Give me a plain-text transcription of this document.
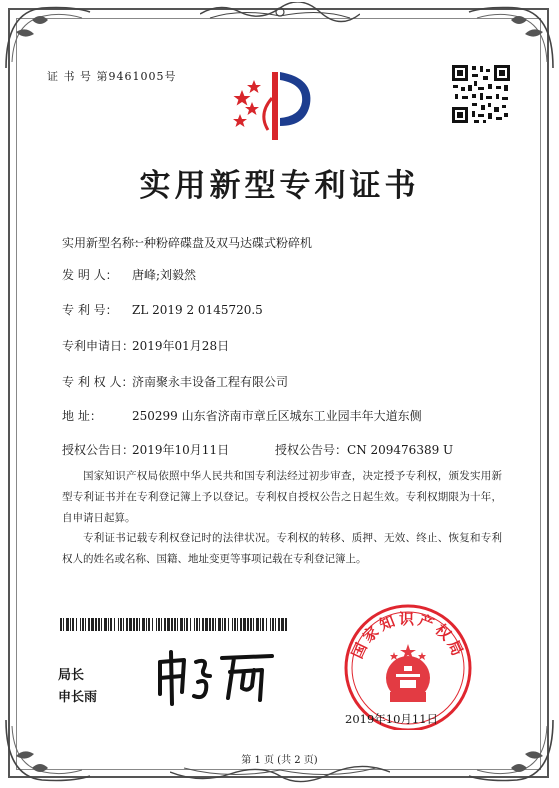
证 书 号 第9461005号
实用新型专利证书
实用新型名称：一种粉碎碟盘及双马达碟式粉碎机
发 明 人： 唐峰;刘毅然
专 利 号： ZL 2019 2 0145720.5
专利申请日：2019年01月28日
专 利 权 人：济南聚永丰设备工程有限公司
地 址：	250299 山东省济南市章丘区城东工业园丰年大道东侧
授权公告日：2019年10月11日	授权公告号：CN 209476389 U
国家知识产权局依照中华人民共和国专利法经过初步审查，决定授予专利权，颁发实用新型专利证书并在专利登记簿上予以登记。专利权自授权公告之日起生效。专利权期限为十年，自申请日起算。
专利证书记载专利权登记时的法律状况。专利权的转移、质押、无效、终止、恢复和专利权人的姓名或名称、国籍、地址变更等事项记载在专利登记簿上。
局长
申长雨
国家知识产权局
2019年10月11日
第 1 页 (共 2 页)
